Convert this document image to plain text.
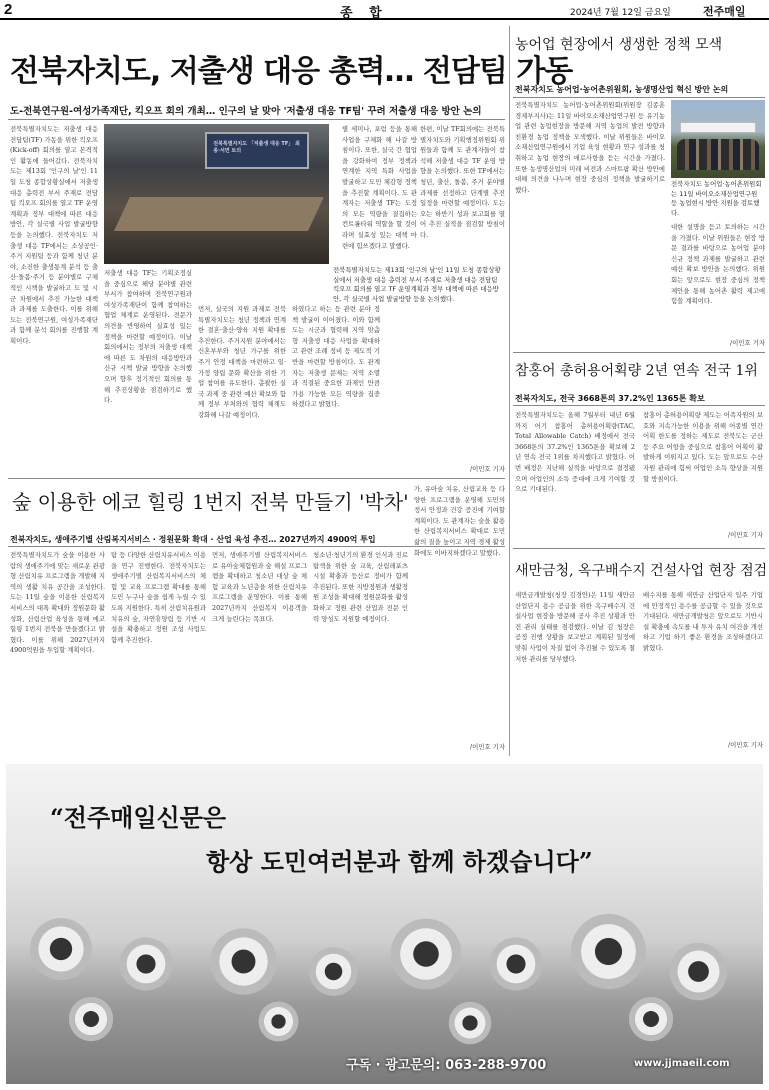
2	종 합	2024년 7월 12일 금요일	전주매일
전북자치도, 저출생 대응 총력… 전담팀 가동
도-전북연구원-여성가족재단, 킥오프 회의 개최… 인구의 날 맞아 '저출생 대응 TF팀' 꾸려 저출생 대응 방안 논의
전북특별자치도는 저출생 대응 전담팀(TF) 가동을 위한 킥오프(Kick-off) 회의를 열고 본격적인 활동에 들어갔다. 전북자치도는 제13회 '인구의 날'인 11일 도청 종합상황실에서 저출생 대응 총력전 부서 주재로 전담팀 킥오프 회의를 열고 TF 운영계획과 정부 대책에 따른 대응방안, 각 실국별 사업 발굴방향 등을 논의했다. 전북자치도 저출생 대응 TF에서는 소상공인·주거 지원팀 등과 함께 청년 분야, 소진한 출생통계 분석 등 출산·돌봄·주거 등 분야별로 구체적인 시책을 발굴하고 도 및 시군 차원에서 추진 가능한 대책과 과제를 도출한다. 이를 위해 도는 전북연구원, 여성가족재단과 함께 분석 회의를 진행할 계획이다.
전북특별자치도 「저출생 대응 TF」 최종·서면 토의
전북특별자치도는 제13회 '인구의 날'인 11일 도청 종합상황실에서 저출생 대응 총력전 부서 주재로 저출생 대응 전담팀 킥오프 회의를 열고 TF 운영계획과 정부 대책에 따른 대응방안, 각 실국별 사업 발굴방향 등을 논의했다.
저출생 대응 TF는 기획조정실을 중심으로 해당 분야별 관련 부서가 참여하며 전북연구원과 여성가족재단이 함께 참여하는 협업 체계로 운영된다. 전문가 의견을 반영하여 실효성 있는 정책을 마련할 예정이다. 이날 회의에서는 정부의 저출생 대책에 따른 도 차원의 대응방안과 신규 시책 발굴 방향을 논의했으며 향후 정기적인 회의를 통해 추진상황을 점검하기로 했다.
먼저, 실국의 지원 과제로 전북특별자치도는 청년 정책과 연계한 결혼·출산·양육 지원 확대를 추진한다. 주거지원 분야에서는 신혼부부와 청년 가구를 위한 주거 안정 대책을 마련하고 일·가정 양립 문화 확산을 위한 기업 참여를 유도한다. 총괄한 실국 과제 중 관련 예산 확보와 함께 정부 부처와의 협력 체계도 강화해 나갈 예정이다.
하였다고 하는 등 관련 분야 정책 발굴이 이어졌다. 이와 함께 도는 시군과 협력해 지역 맞춤형 저출생 대응 사업을 확대하고 관련 조례 정비 등 제도적 기반을 마련할 방침이다. 도 관계자는 저출생 문제는 지역 소멸과 직결된 중요한 과제인 만큼 가용 가능한 모든 역량을 집중하겠다고 밝혔다.
별 세미나, 포럼 등을 통해 사업을 구체화 해 나갈 방침이다. 또한, 실국 간 협업을 강화하여 정부 정책과 연계한 지역 특화 사업을 발굴하고 도민 체감형 정책을 추진할 계획이다. 도 관계자는 저출생 TF는 도정의 모든 역량을 결집하는 컨트롤타워 역할을 할 것이라며 실효성 있는 대책 마련에 힘쓰겠다고 말했다.
한편, 이날 TF회의에는 전북특별자치도와 기획행정위원회 위원들과 함께 도 관계자들이 참석해 저출생 대응 TF 운영 방향을 논의했다. 또한 TF에서는 청년, 출산, 돌봄, 주거 분야별 과제를 선정하고 단계별 추진 일정을 마련할 예정이다. 도는 오는 하반기 성과 보고회를 열어 추진 실적을 점검할 방침이다.
/이민호 기자
농어업 현장에서 생생한 정책 모색
전북자치도 농어업·농어촌위원회, 농생명산업 혁신 방안 논의
전북특별자치도 농어업·농어촌위원회(위원장 김종훈 경제부지사)는 11일 바이오소재산업연구원 등 유기농업 관련 농업현장을 방문해 지역 농업의 발전 방향과 친환경 농업 정책을 모색했다. 이날 위원들은 바이오소재산업연구원에서 기업 육성 현황과 연구 성과를 청취하고 농업 현장의 애로사항을 듣는 시간을 가졌다. 또한 농생명산업의 미래 비전과 스마트팜 확산 방안에 대해 의견을 나누며 현장 중심의 정책을 발굴하기로 했다.
전북자치도 농어업·농어촌위원회는 11일 바이오소재산업연구원 등 농업현시 방안 지원을 검토했다.
대한 설명을 듣고 토의하는 시간을 가졌다. 이날 위원들은 현장 방문 결과를 바탕으로 농어업 분야 신규 정책 과제를 발굴하고 관련 예산 확보 방안을 논의했다. 위원회는 앞으로도 현장 중심의 정책 제안을 통해 농어촌 활력 제고에 힘쓸 계획이다.
/이민호 기자
참홍어 총허용어획량 2년 연속 전국 1위
전북자치도, 전국 3668톤의 37.2%인 1365톤 확보
전북특별자치도는 올해 7월부터 내년 6월까지 어기 참홍어 총허용어획량(TAC, Total Allowable Catch) 배정에서 전국 3668톤의 37.2%인 1365톤을 확보해 2년 연속 전국 1위를 차지했다고 밝혔다. 이번 배정은 지난해 실적을 바탕으로 결정됐으며 어업인의 소득 증대에 크게 기여할 것으로 기대된다.
참홍어 총허용어획량 제도는 어족자원의 보호와 지속가능한 이용을 위해 어종별 연간 어획 한도를 정하는 제도로 전북도는 군산 등 주요 어항을 중심으로 참홍어 어획이 활발하게 이뤄지고 있다. 도는 앞으로도 수산자원 관리에 힘써 어업인 소득 향상을 지원할 방침이다.
/이민호 기자
새만금청, 옥구배수지 건설사업 현장 점검
새만금개발청(청장 김경안)은 11일 새만금 산업단지 용수 공급을 위한 옥구배수지 건설사업 현장을 방문해 공사 추진 상황과 안전 관리 실태를 점검했다. 이날 김 청장은 공정 진행 상황을 보고받고 계획된 일정에 맞춰 사업이 차질 없이 추진될 수 있도록 철저한 관리를 당부했다.
배수지를 통해 새만금 산업단지 입주 기업에 안정적인 용수를 공급할 수 있을 것으로 기대된다. 새만금개발청은 앞으로도 기반시설 확충에 속도를 내 투자 유치 여건을 개선하고 기업 하기 좋은 환경을 조성하겠다고 밝혔다.
/이민호 기자
숲 이용한 에코 힐링 1번지 전북 만들기 '박차'
전북자치도, 생애주기별 산림복지서비스 · 정원문화 확대 · 산업 육성 추진… 2027년까지 4900억 투입
전북특별자치도가 숲을 이용한 사람의 생애주기에 맞는 새로운 관광형 산림치유 프로그램을 개발해 지역의 생활 치유 공간을 조성한다. 도는 11일 숲을 이용한 산림복지서비스의 대폭 확대와 정원문화 활성화, 산림산업 육성을 통해 에코 힐링 1번지 전북을 만들겠다고 밝혔다. 이를 위해 2027년까지 4900억원을 투입할 계획이다.
탐 등 다양한 산림치유서비스 이용을 연구 진행한다. 전북자치도는 생애주기별 산림복지서비스의 체험 및 교육 프로그램 확대를 통해 도민 누구나 숲을 쉽게 누릴 수 있도록 지원한다. 특히 산림치유원과 치유의 숲, 자연휴양림 등 기반 시설을 확충하고 정원 조성 사업도 함께 추진한다.
먼저, 생애주기별 산림복지서비스로 유아숲체험원과 숲 해설 프로그램을 확대하고 청소년 대상 숲 체험 교육과 노년층을 위한 산림치유 프로그램을 운영한다. 이를 통해 2027년까지 산림복지 이용객을 크게 늘린다는 목표다.
청소년·청년기의 환경 인식과 진로 탐색을 위한 숲 교육, 산림레포츠 시설 확충과 등산로 정비가 함께 추진된다. 또한 지방정원과 생활정원 조성을 확대해 정원문화를 활성화하고 정원 관련 산업과 전문 인력 양성도 지원할 예정이다.
가, 유아숲 치유, 산림교육 등 다양한 프로그램을 운영해 도민의 정서 안정과 건강 증진에 기여할 계획이다. 도 관계자는 숲을 활용한 산림복지서비스 확대로 도민 삶의 질을 높이고 지역 경제 활성화에도 이바지하겠다고 말했다.
/이민호 기자
“전주매일신문은
항상 도민여러분과 함께 하겠습니다”
구독 · 광고문의: 063-288-9700	www.jjmaeil.com
